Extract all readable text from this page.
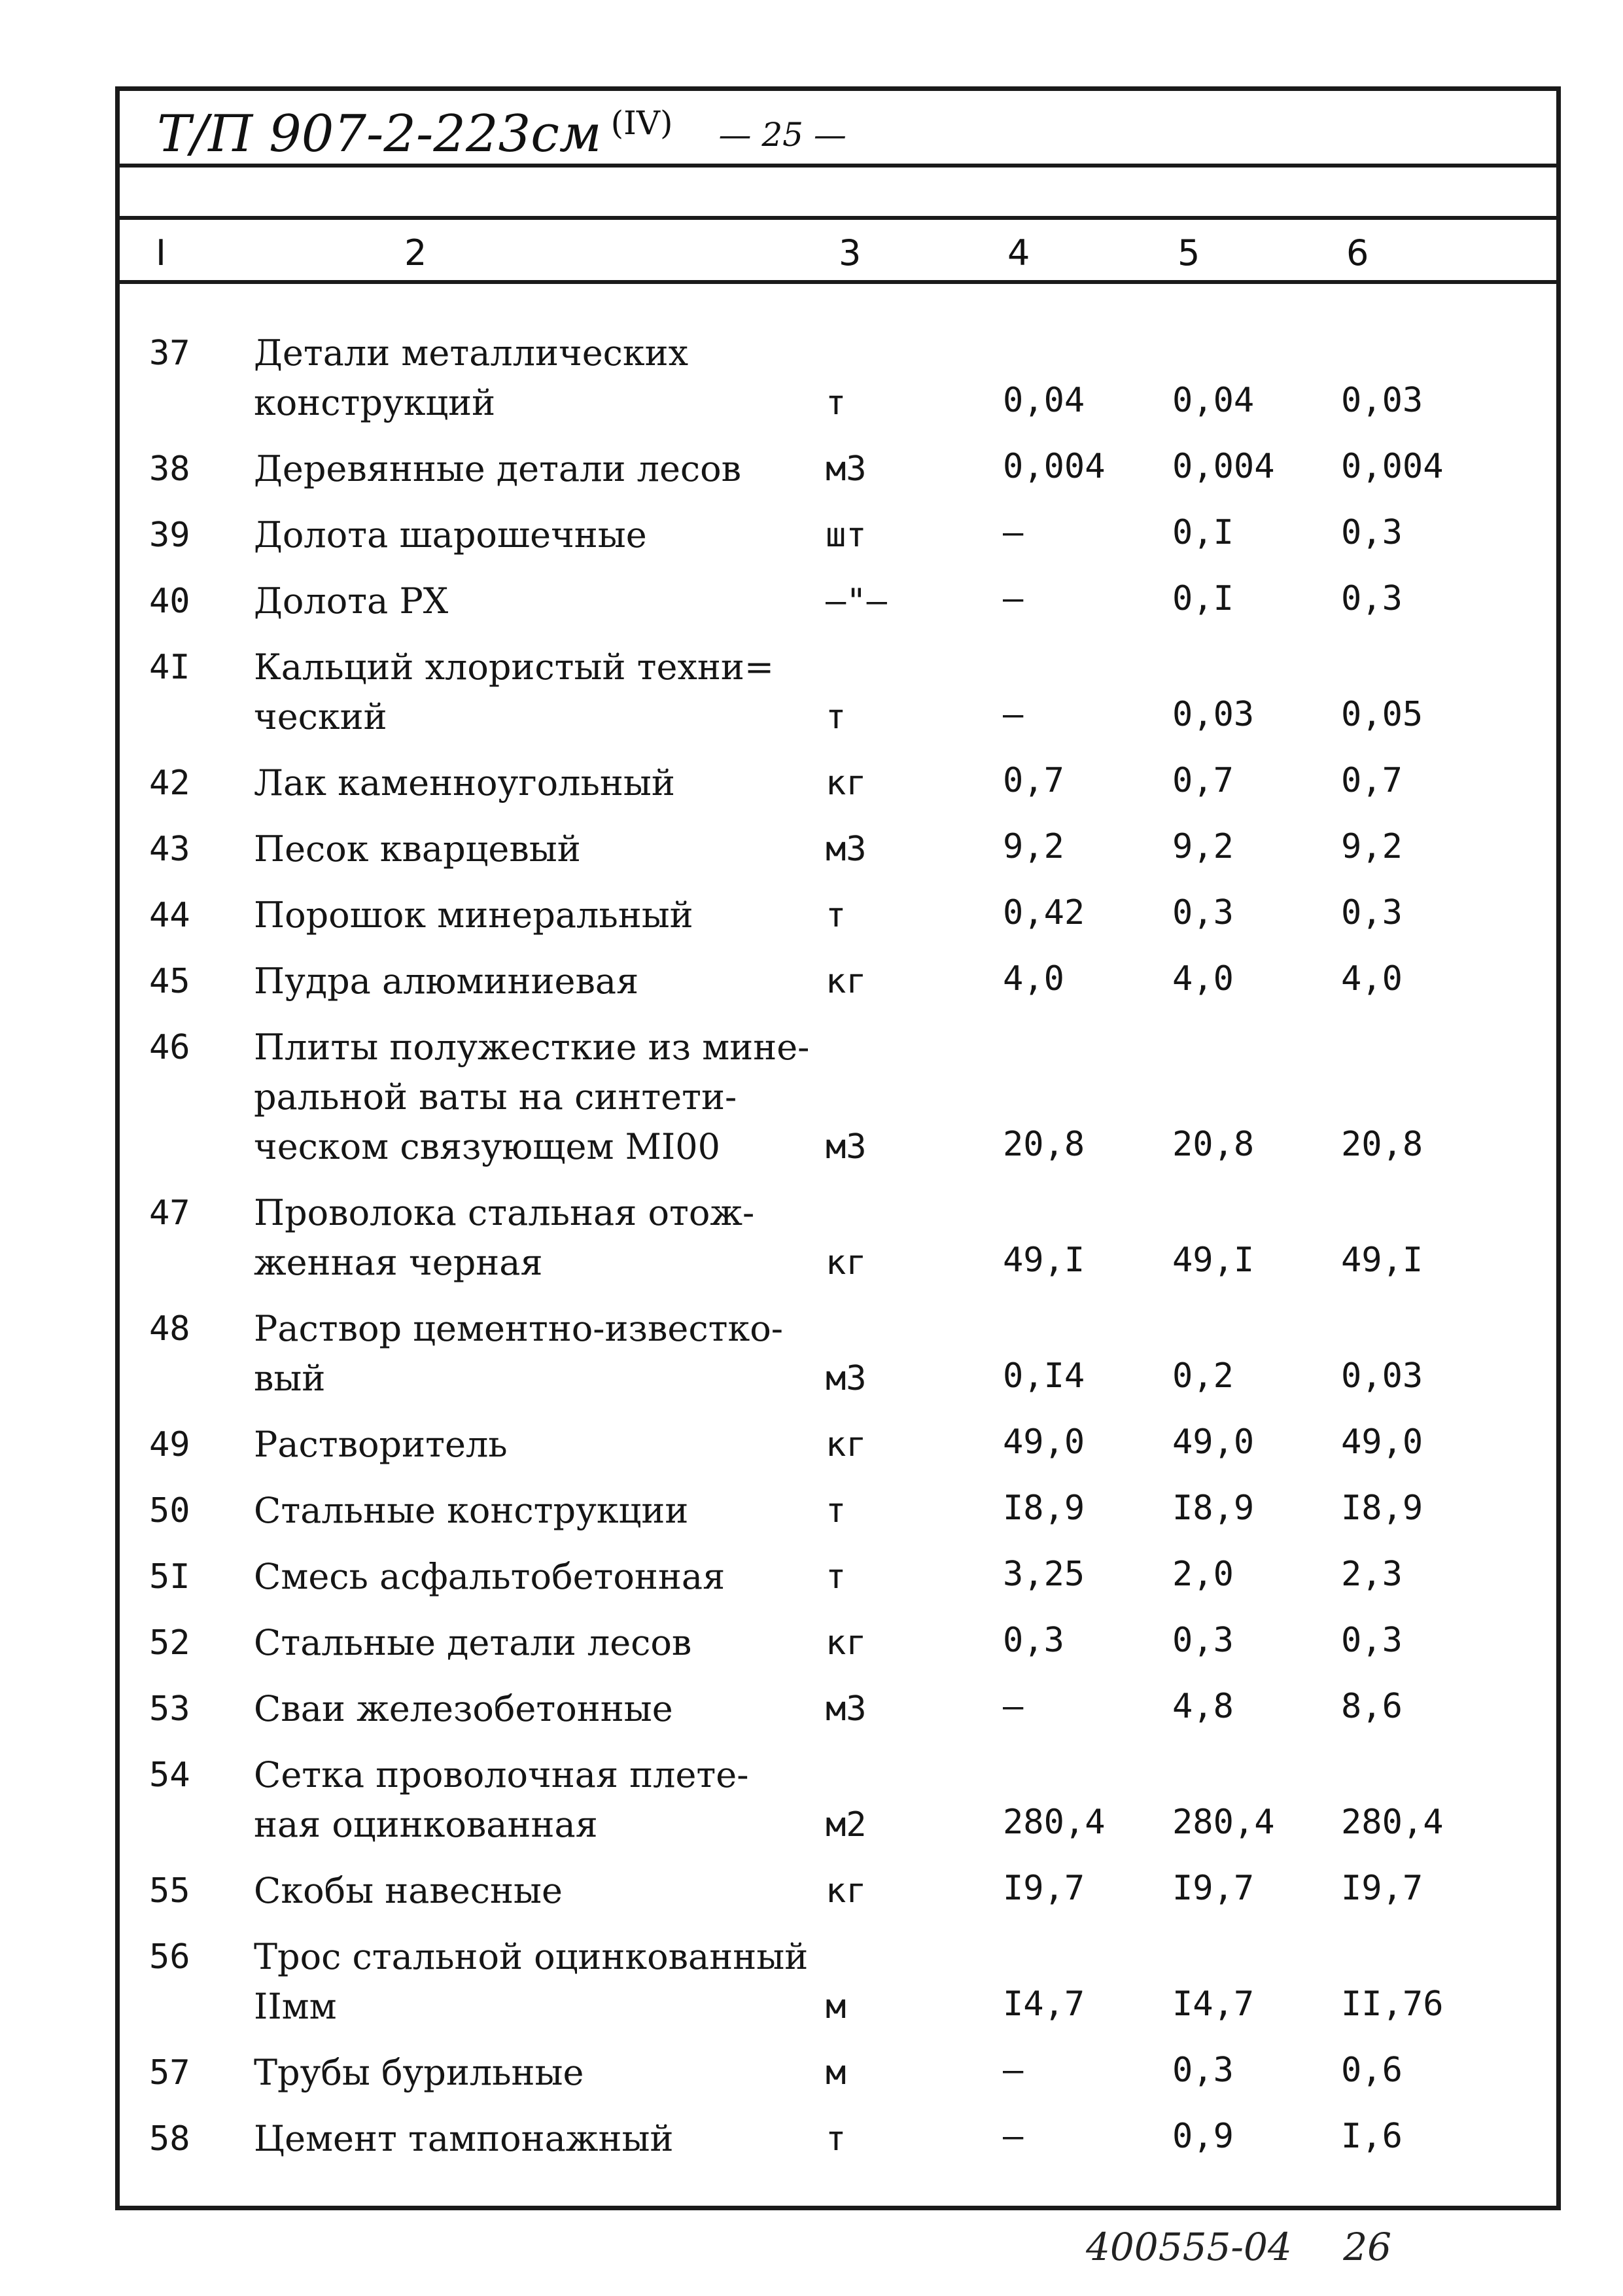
Т/П 907-2-223см $^{(IV)}$ — 25 —
I	2	3	4	5	6
37 Детали металлических
конструкций	т	0,04	0,04	0,03
38 Деревянные детали лесов м3	0,004 0,004 0,004
39 Долота шарошечные	шт	–	0,I	0,3
40 Долота РХ	–"–	–	0,I	0,3
4I Кальций хлористый техни=
ческий	т	–	0,03	0,05
42 Лак каменноугольный	кг	0,7	0,7	0,7
43 Песок кварцевый	м3	9,2	9,2	9,2
44 Порошок минеральный	т	0,42	0,3	0,3
45 Пудра алюминиевая	кг	4,0	4,0	4,0
46 Плиты полужесткие из мине-
ральной ваты на синтети-
ческом связующем МI00	м3	20,8	20,8	20,8
47 Проволока стальная отож-
женная черная	кг	49,I	49,I	49,I
48 Раствор цементно-известко-
вый	м3	0,I4	0,2	0,03
49 Растворитель	кг	49,0	49,0	49,0
50 Стальные конструкции	т	I8,9	I8,9	I8,9
5I Смесь асфальтобетонная	т	3,25	2,0	2,3
52 Стальные детали лесов	кг	0,3	0,3	0,3
53 Сваи железобетонные	м3	–	4,8	8,6
54 Сетка проволочная плете-
ная оцинкованная	м2	280,4 280,4 280,4
55 Скобы навесные	кг	I9,7	I9,7	I9,7
56 Трос стальной оцинкованный
IIмм	м	I4,7	I4,7	II,76
57 Трубы бурильные	м	–	0,3	0,6
58 Цемент тампонажный	т	–	0,9	I,6
400555-04 26
